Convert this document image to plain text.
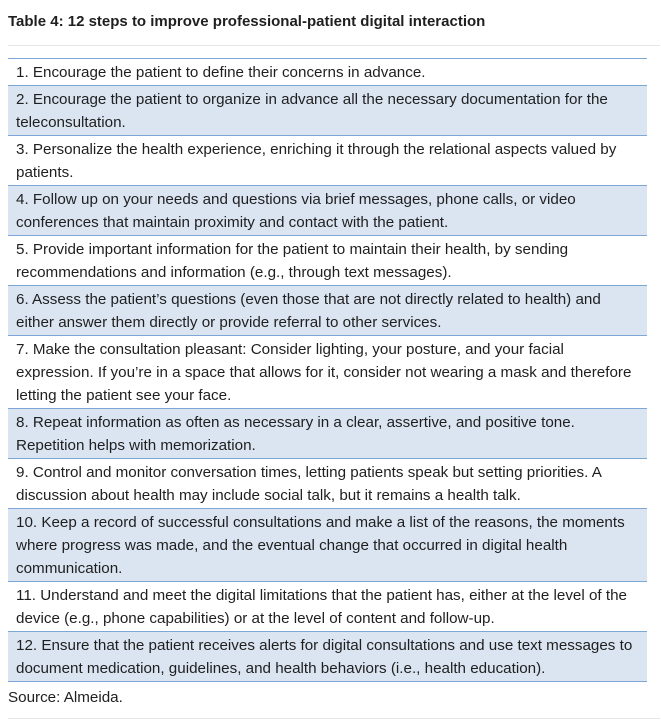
Table 4: 12 steps to improve professional-patient digital interaction
1. Encourage the patient to define their concerns in advance.
2. Encourage the patient to organize in advance all the necessary documentation for the teleconsultation.
3. Personalize the health experience, enriching it through the relational aspects valued by patients.
4. Follow up on your needs and questions via brief messages, phone calls, or video conferences that maintain proximity and contact with the patient.
5. Provide important information for the patient to maintain their health, by sending recommendations and information (e.g., through text messages).
6. Assess the patient’s questions (even those that are not directly related to health) and either answer them directly or provide referral to other services.
7. Make the consultation pleasant: Consider lighting, your posture, and your facial expression. If you’re in a space that allows for it, consider not wearing a mask and therefore letting the patient see your face.
8. Repeat information as often as necessary in a clear, assertive, and positive tone. Repetition helps with memorization.
9. Control and monitor conversation times, letting patients speak but setting priorities. A discussion about health may include social talk, but it remains a health talk.
10. Keep a record of successful consultations and make a list of the reasons, the moments where progress was made, and the eventual change that occurred in digital health communication.
11. Understand and meet the digital limitations that the patient has, either at the level of the device (e.g., phone capabilities) or at the level of content and follow-up.
12. Ensure that the patient receives alerts for digital consultations and use text messages to document medication, guidelines, and health behaviors (i.e., health education).
Source: Almeida.
